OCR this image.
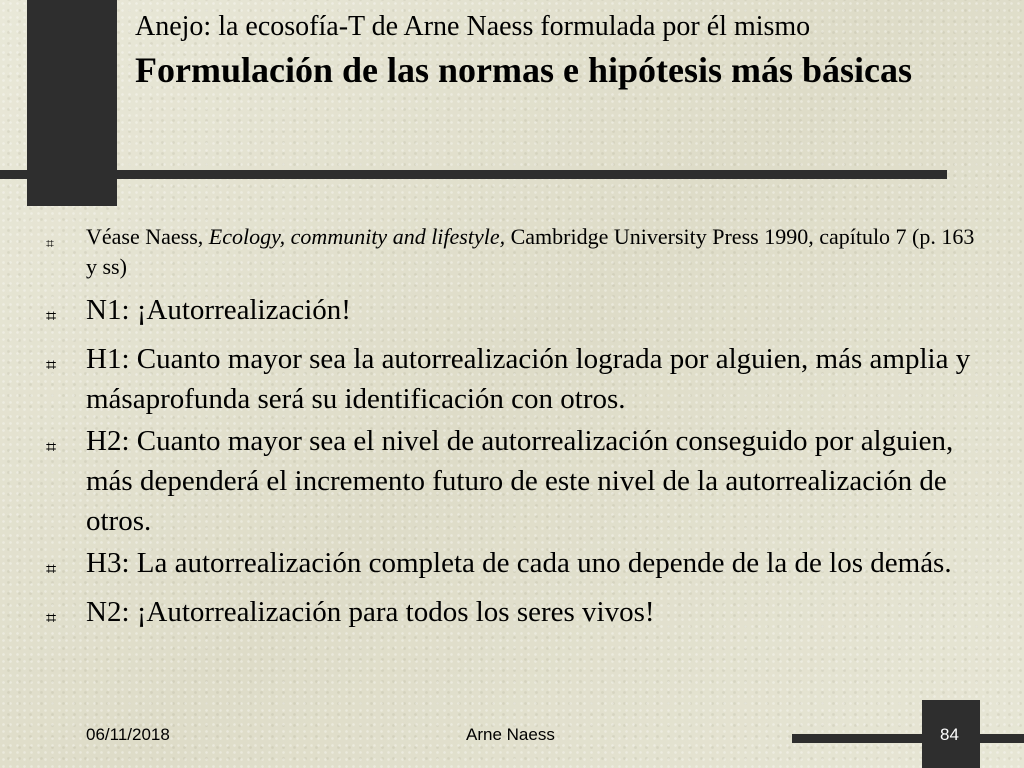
Anejo: la ecosofía-T de Arne Naess formulada por él mismo

Formulación de las normas e hipótesis más básicas

⌗	Véase Naess, Ecology, community and lifestyle, Cambridge University Press 1990, capítulo 7 (p. 163 y ss)
⌗	N1: ¡Autorrealización!
⌗	H1: Cuanto mayor sea la autorrealización lograda por alguien, más amplia y másaprofunda será su identificación con otros.
⌗	H2: Cuanto mayor sea el nivel de autorrealización conseguido por alguien, más dependerá el incremento futuro de este nivel de la autorrealización de otros.
⌗	H3: La autorrealización completa de cada uno depende de la de los demás.
⌗	N2: ¡Autorrealización para todos los seres vivos!
06/11/2018	Arne Naess	84
